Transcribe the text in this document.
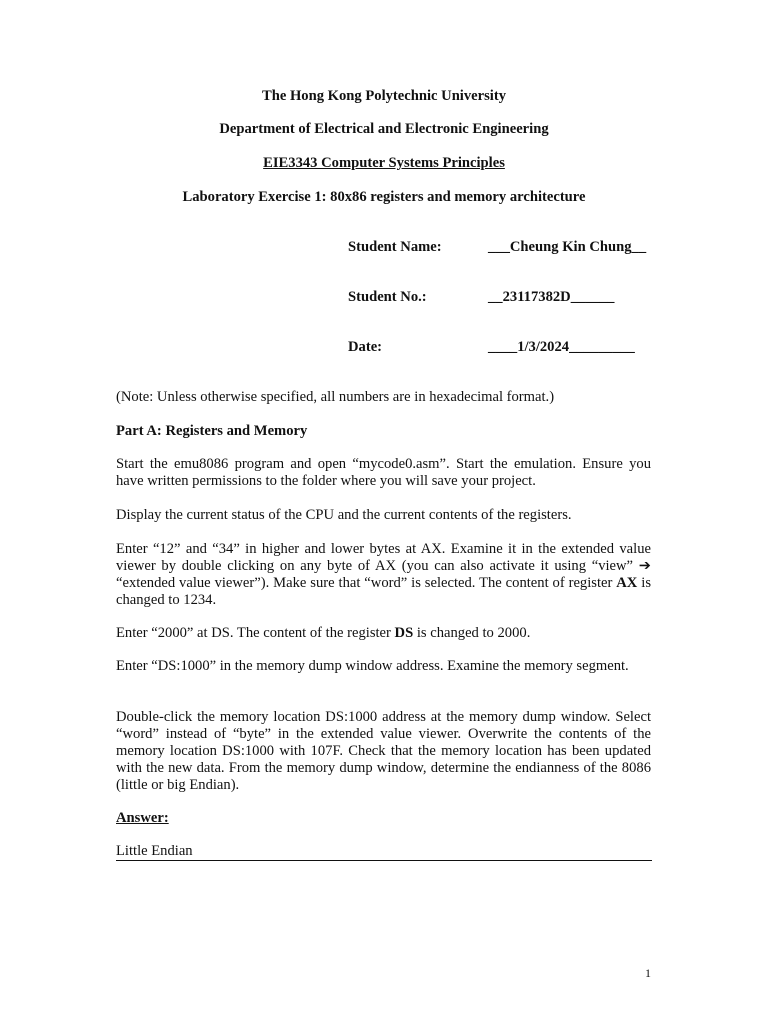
The Hong Kong Polytechnic University
Department of Electrical and Electronic Engineering
EIE3343 Computer Systems Principles
Laboratory Exercise 1: 80x86 registers and memory architecture
Student Name:	___Cheung Kin Chung__
Student No.:	__23117382D______
Date:	____1/3/2024_________

(Note: Unless otherwise specified, all numbers are in hexadecimal format.)

Part A: Registers and Memory

Start the emu8086 program and open “mycode0.asm”. Start the emulation. Ensure you have written permissions to the folder where you will save your project.

Display the current status of the CPU and the current contents of the registers.

Enter “12” and “34” in higher and lower bytes at AX. Examine it in the extended value viewer by double clicking on any byte of AX (you can also activate it using “view” ➔ “extended value viewer”). Make sure that “word” is selected. The content of register AX is changed to 1234.

Enter “2000” at DS. The content of the register DS is changed to 2000.

Enter “DS:1000” in the memory dump window address. Examine the memory segment.

Double-click the memory location DS:1000 address at the memory dump window. Select “word” instead of “byte” in the extended value viewer. Overwrite the contents of the memory location DS:1000 with 107F. Check that the memory location has been updated with the new data. From the memory dump window, determine the endianness of the 8086 (little or big Endian).

Answer:

Little Endian
1
